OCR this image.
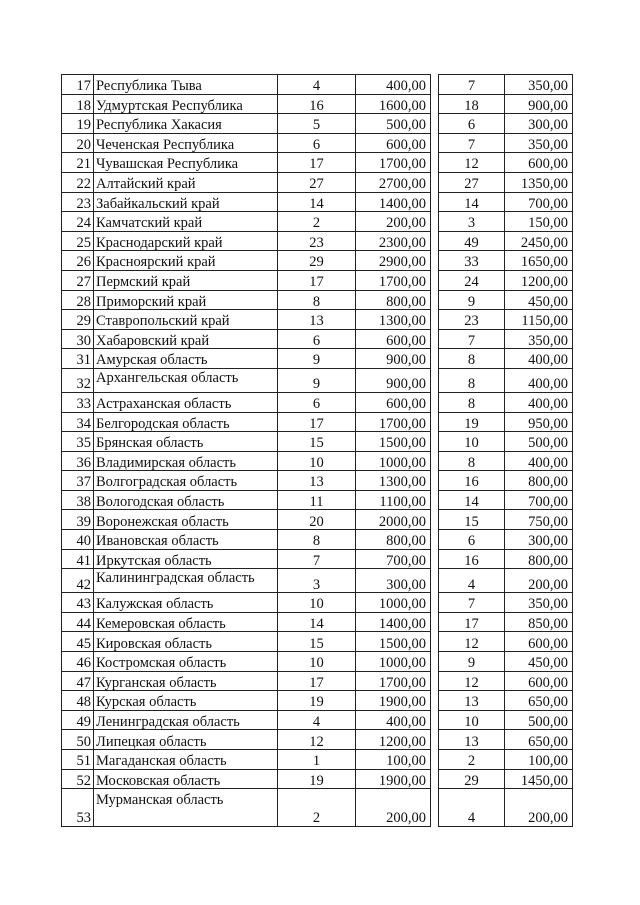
17	Республика Тыва	4	400,00		7	350,00
18	Удмуртская Республика	16	1600,00		18	900,00
19	Республика Хакасия	5	500,00		6	300,00
20	Чеченская Республика	6	600,00		7	350,00
21	Чувашская Республика	17	1700,00		12	600,00
22	Алтайский край	27	2700,00		27	1350,00
23	Забайкальский край	14	1400,00		14	700,00
24	Камчатский край	2	200,00		3	150,00
25	Краснодарский край	23	2300,00		49	2450,00
26	Красноярский край	29	2900,00		33	1650,00
27	Пермский край	17	1700,00		24	1200,00
28	Приморский край	8	800,00		9	450,00
29	Ставропольский край	13	1300,00		23	1150,00
30	Хабаровский край	6	600,00		7	350,00
31	Амурская область	9	900,00		8	400,00
32	Архангельская область	9	900,00		8	400,00
33	Астраханская область	6	600,00		8	400,00
34	Белгородская область	17	1700,00		19	950,00
35	Брянская область	15	1500,00		10	500,00
36	Владимирская область	10	1000,00		8	400,00
37	Волгоградская область	13	1300,00		16	800,00
38	Вологодская область	11	1100,00		14	700,00
39	Воронежская область	20	2000,00		15	750,00
40	Ивановская область	8	800,00		6	300,00
41	Иркутская область	7	700,00		16	800,00
42	Калининградская область	3	300,00		4	200,00
43	Калужская область	10	1000,00		7	350,00
44	Кемеровская область	14	1400,00		17	850,00
45	Кировская область	15	1500,00		12	600,00
46	Костромская область	10	1000,00		9	450,00
47	Курганская область	17	1700,00		12	600,00
48	Курская область	19	1900,00		13	650,00
49	Ленинградская область	4	400,00		10	500,00
50	Липецкая область	12	1200,00		13	650,00
51	Магаданская область	1	100,00		2	100,00
52	Московская область	19	1900,00		29	1450,00
53	Мурманская область	2	200,00		4	200,00
